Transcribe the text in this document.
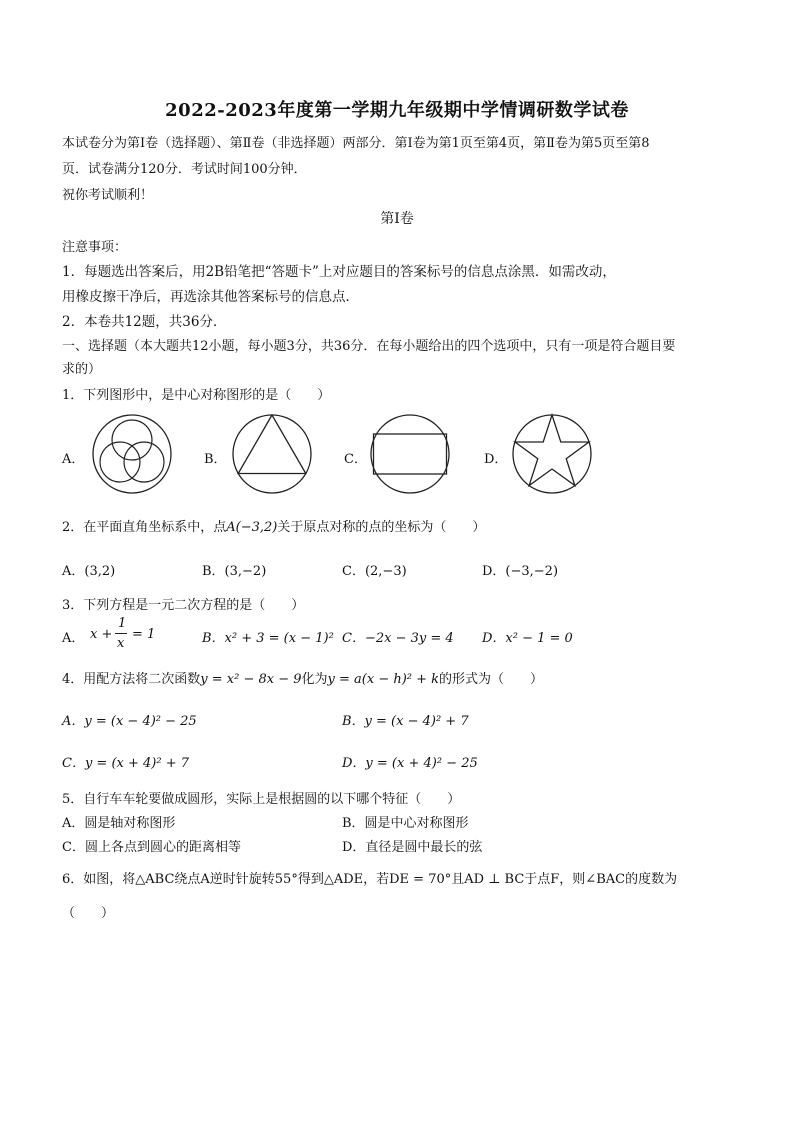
2022-2023年度第一学期九年级期中学情调研数学试卷
本试卷分为第Ⅰ卷（选择题）、第Ⅱ卷（非选择题）两部分．第Ⅰ卷为第1页至第4页，第Ⅱ卷为第5页至第8
页．试卷满分120分．考试时间100分钟．
祝你考试顺利！
第Ⅰ卷
注意事项：
1．每题选出答案后，用2B铅笔把“答题卡”上对应题目的答案标号的信息点涂黑．如需改动，
用橡皮擦干净后，再选涂其他答案标号的信息点．
2．本卷共12题，共36分．
一、选择题（本大题共12小题，每小题3分，共36分．在每小题给出的四个选项中，只有一项是符合题目要
求的）
1．下列图形中，是中心对称图形的是（　　）
A．	B．	C．	D．
2．在平面直角坐标系中，点A(−3,2)关于原点对称的点的坐标为（　　）
A．(3,2)	B．(3,−2)	C．(2,−3)	D．(−3,−2)
3．下列方程是一元二次方程的是（　　）
A． x +
1
x
= 1	B．x² + 3 = (x − 1)² C．−2x − 3y = 4 D．x² − 1 = 0
4．用配方法将二次函数y = x² − 8x − 9化为y = a(x − h)² + k的形式为（　　）
A．y = (x − 4)² − 25	B．y = (x − 4)² + 7
C．y = (x + 4)² + 7	D．y = (x + 4)² − 25
5．自行车车轮要做成圆形，实际上是根据圆的以下哪个特征（　　）
A．圆是轴对称图形	B．圆是中心对称图形
C．圆上各点到圆心的距离相等	D．直径是圆中最长的弦
6．如图，将△ABC绕点A逆时针旋转55°得到△ADE，若DE = 70°且AD ⊥ BC于点F，则∠BAC的度数为
（　　）
